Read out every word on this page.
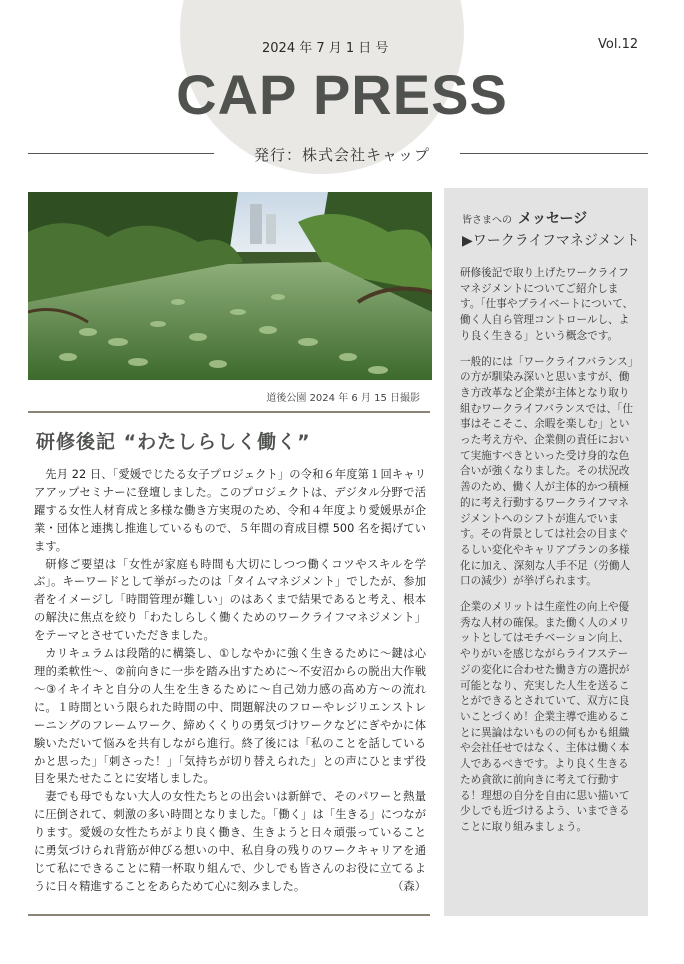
2024 年 7 月 1 日 号	Vol.12
CAP PRESS
発行：株式会社キャップ
道後公園 2024 年 6 月 15 日撮影
研修後記 “わたしらしく働く”

先月 22 日、「愛媛でじたる女子プロジェクト」の令和６年度第１回キャリアアップセミナーに登壇しました。このプロジェクトは、デジタル分野で活躍する女性人材育成と多様な働き方実現のため、令和４年度より愛媛県が企業・団体と連携し推進しているもので、５年間の育成目標 500 名を掲げています。

研修ご要望は「女性が家庭も時間も大切にしつつ働くコツやスキルを学ぶ」。キーワードとして挙がったのは「タイムマネジメント」でしたが、参加者をイメージし「時間管理が難しい」のはあくまで結果であると考え、根本の解決に焦点を絞り「わたしらしく働くためのワークライフマネジメント」をテーマとさせていただきました。

カリキュラムは段階的に構築し、①しなやかに強く生きるために～鍵は心理的柔軟性～、②前向きに一歩を踏み出すために～不安沼からの脱出大作戦～③イキイキと自分の人生を生きるために～自己効力感の高め方～の流れに。１時間という限られた時間の中、問題解決のフローやレジリエンストレーニングのフレームワーク、締めくくりの勇気づけワークなどにぎやかに体験いただいて悩みを共有しながら進行。終了後には「私のことを話しているかと思った」「刺さった！」「気持ちが切り替えられた」との声にひとまず役目を果たせたことに安堵しました。

妻でも母でもない大人の女性たちとの出会いは新鮮で、そのパワーと熱量に圧倒されて、刺激の多い時間となりました。「働く」は「生きる」につながります。愛媛の女性たちがより良く働き、生きようと日々頑張っていることに勇気づけられ背筋が伸びる想いの中、私自身の残りのワークキャリアを通じて私にできることに精一杯取り組んで、少しでも皆さんのお役に立てるように日々精進することをあらためて心に刻みました。	（森）

皆さまへの メッセージ
▶ワークライフマネジメント

研修後記で取り上げたワークライフマネジメントについてご紹介します。「仕事やプライベートについて、働く人自ら管理コントロールし、より良く生きる」という概念です。

一般的には「ワークライフバランス」の方が馴染み深いと思いますが、働き方改革など企業が主体となり取り組むワークライフバランスでは、「仕事はそこそこ、余暇を楽しむ」といった考え方や、企業側の責任において実施すべきといった受け身的な色合いが強くなりました。その状況改善のため、働く人が主体的かつ積極的に考え行動するワークライフマネジメントへのシフトが進んでいます。その背景としては社会の目まぐるしい変化やキャリアプランの多様化に加え、深刻な人手不足（労働人口の減少）が挙げられます。

企業のメリットは生産性の向上や優秀な人材の確保。また働く人のメリットとしてはモチベーション向上、やりがいを感じながらライフステージの変化に合わせた働き方の選択が可能となり、充実した人生を送ることができるとされていて、双方に良いことづくめ！企業主導で進めることに異論はないものの何もかも組織や会社任せではなく、主体は働く本人であるべきです。より良く生きるため貪欲に前向きに考えて行動する！理想の自分を自由に思い描いて少しでも近づけるよう、いまできることに取り組みましょう。
